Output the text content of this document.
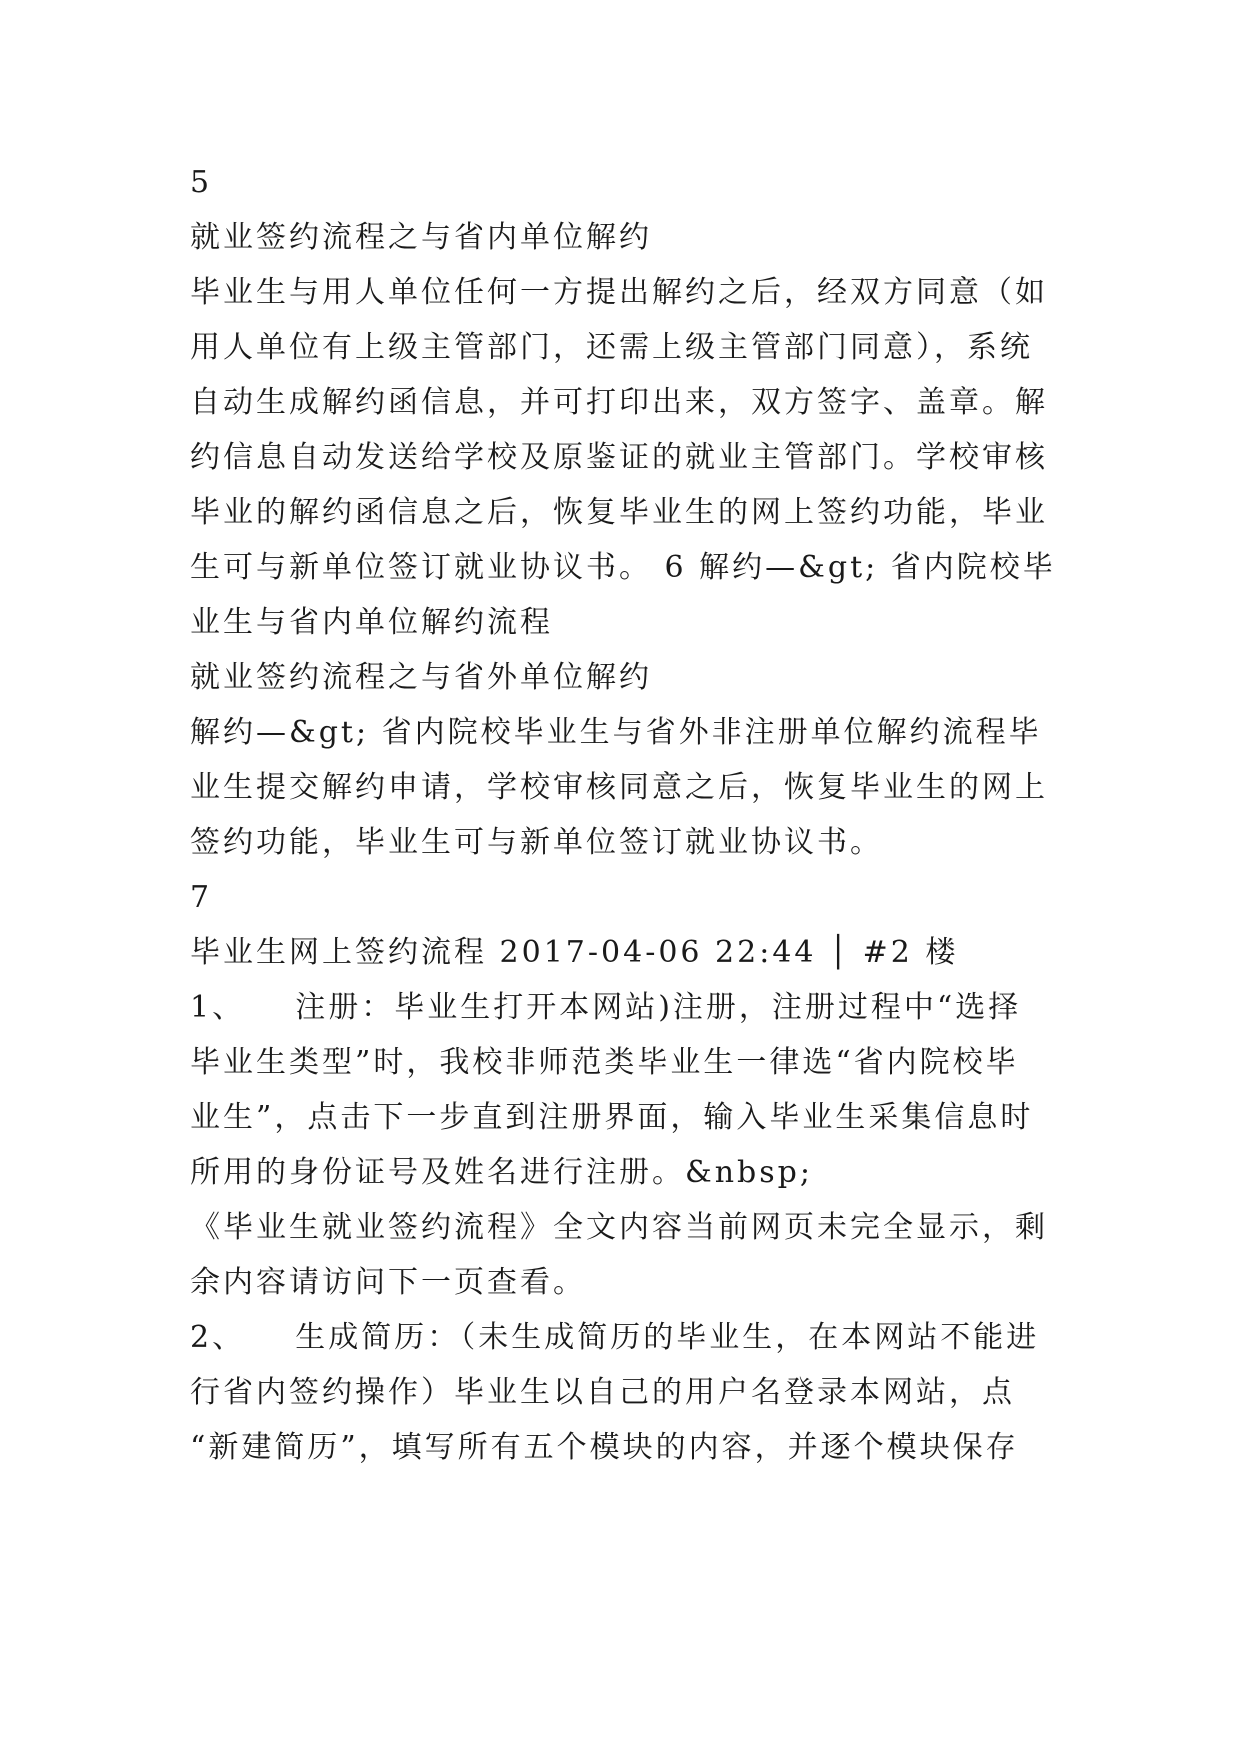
5
就业签约流程之与省内单位解约
毕业生与用人单位任何一方提出解约之后，经双方同意（如
用人单位有上级主管部门，还需上级主管部门同意），系统
自动生成解约函信息，并可打印出来，双方签字、盖章。解
约信息自动发送给学校及原鉴证的就业主管部门。学校审核
毕业的解约函信息之后，恢复毕业生的网上签约功能，毕业
生可与新单位签订就业协议书。 6 解约—&gt; 省内院校毕
业生与省内单位解约流程
就业签约流程之与省外单位解约
解约—&gt; 省内院校毕业生与省外非注册单位解约流程毕
业生提交解约申请，学校审核同意之后，恢复毕业生的网上
签约功能，毕业生可与新单位签订就业协议书。
7
毕业生网上签约流程 2017-04-06 22:44 │ #2 楼
1、    注册：毕业生打开本网站)注册，注册过程中“选择
毕业生类型”时，我校非师范类毕业生一律选“省内院校毕
业生”，点击下一步直到注册界面，输入毕业生采集信息时
所用的身份证号及姓名进行注册。&nbsp;
《毕业生就业签约流程》全文内容当前网页未完全显示，剩
余内容请访问下一页查看。
2、    生成简历：（未生成简历的毕业生，在本网站不能进
行省内签约操作）毕业生以自己的用户名登录本网站，点
“新建简历”，填写所有五个模块的内容，并逐个模块保存
